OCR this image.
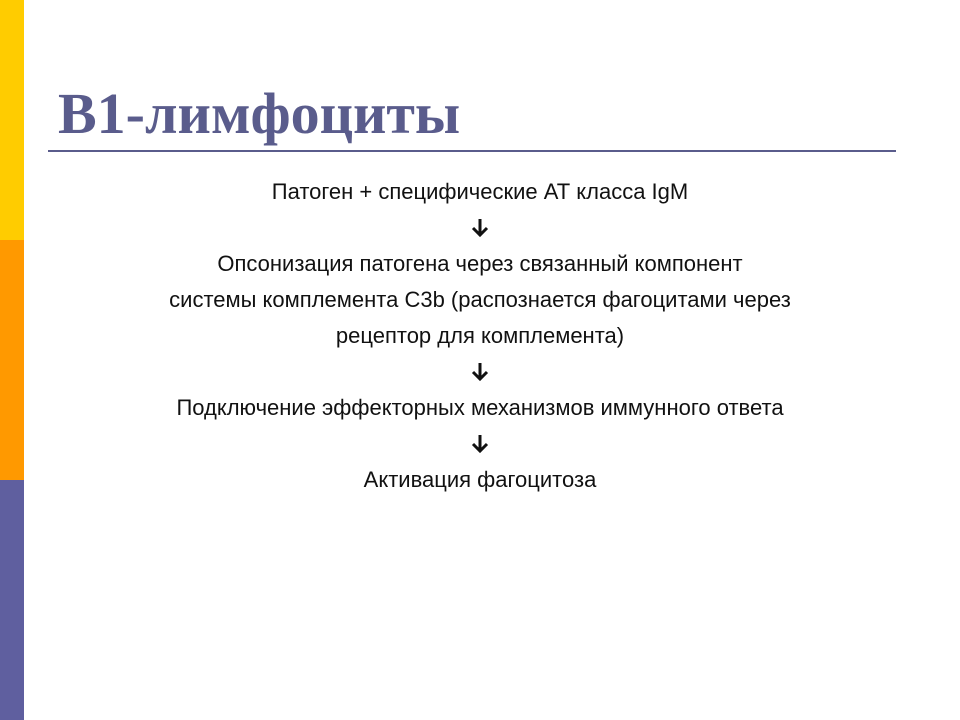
B1-лимфоциты
Патоген + специфические АТ класса IgM
Опсонизация патогена через связанный компонент
системы комплемента С3b (распознается фагоцитами через
рецептор для комплемента)
Подключение эффекторных механизмов иммунного ответа
Активация фагоцитоза
